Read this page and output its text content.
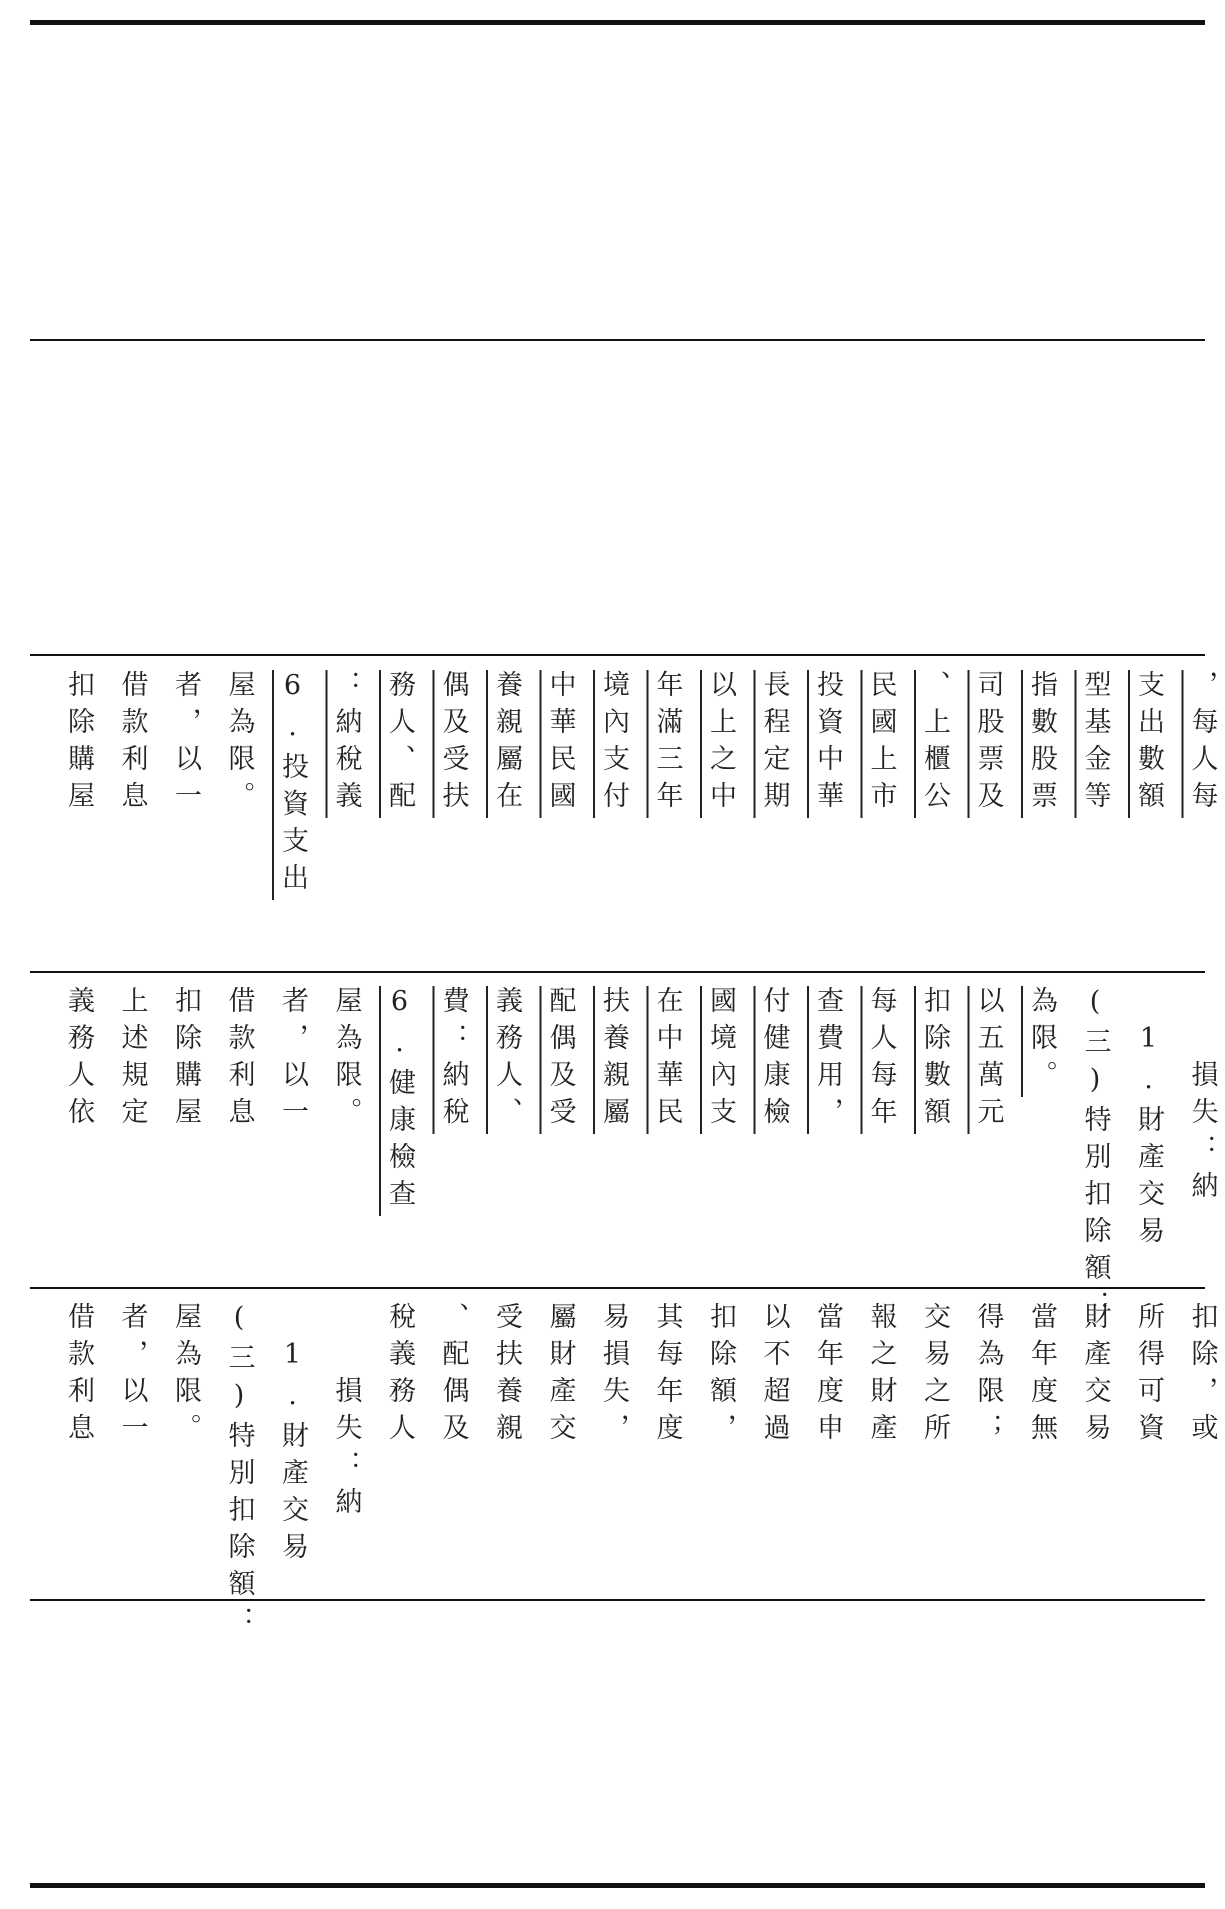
扣除購屋 借款利息 者，以一 屋為限。 6.投資支出 ：納稅義 務人、配 偶及受扶 養親屬在 中華民國 境內支付 年滿三年 以上之中 長程定期 投資中華 民國上市 、上櫃公 司股票及 指數股票 型基金等 支出數額 ，每人每
義務人依 上述規定 扣除購屋 借款利息 者，以一 屋為限。 6.健康檢查 費：納稅 義務人、 配偶及受 扶養親屬 在中華民 國境內支 付健康檢 查費用， 每人每年 扣除數額 以五萬元 為限。 (三)特別扣除額： 　1.財產交易 　　損失：納
借款利息 者，以一 屋為限。 (三)特別扣除額： 　1.財產交易 　　損失：納 稅義務人 、配偶及 受扶養親 屬財產交 易損失， 其每年度 扣除額， 以不超過 當年度申 報之財產 交易之所 得為限； 當年度無 財產交易 所得可資 扣除，或
